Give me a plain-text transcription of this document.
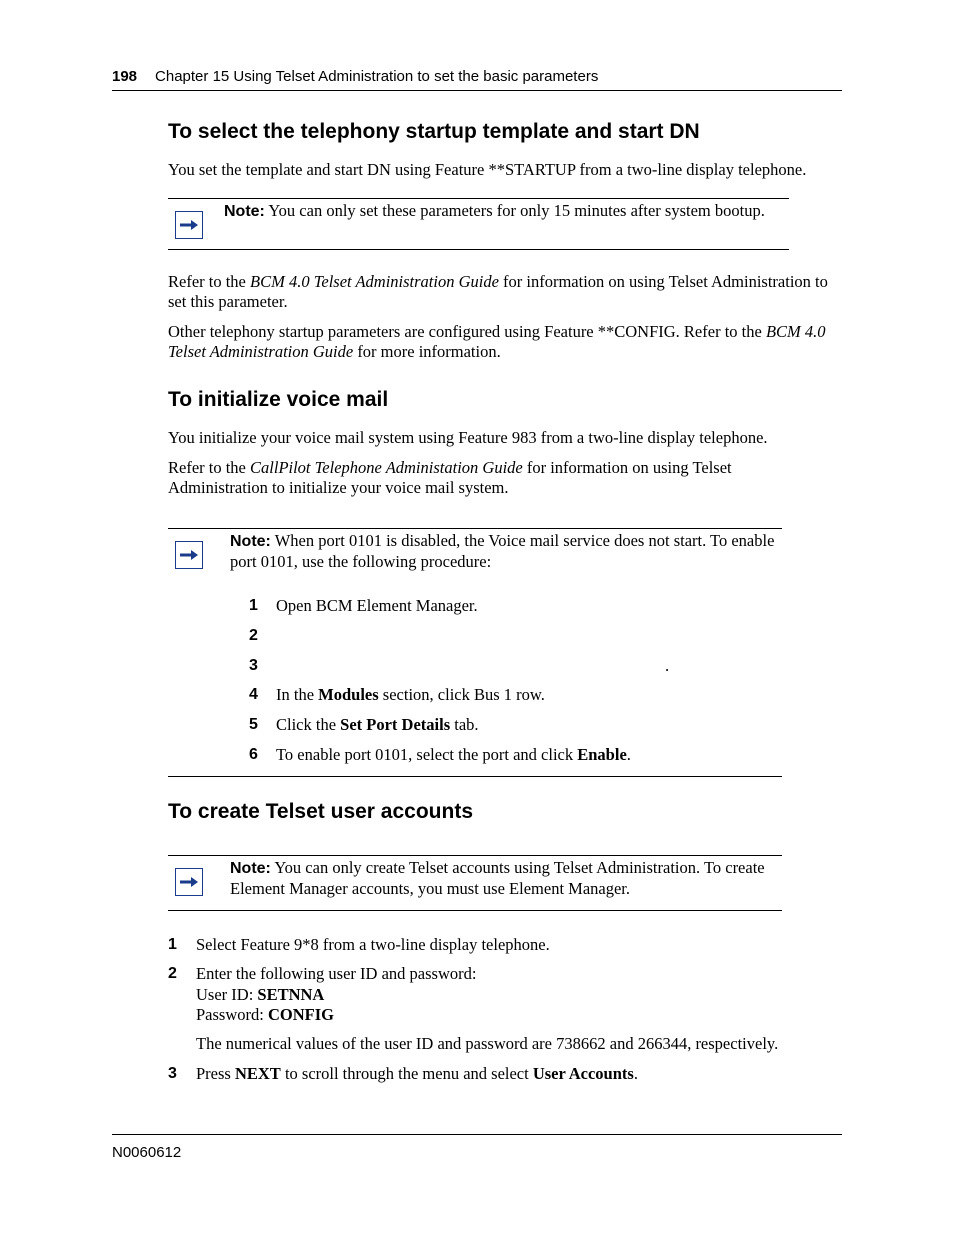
198 Chapter 15 Using Telset Administration to set the basic parameters
To select the telephony startup template and start DN
You set the template and start DN using Feature **STARTUP from a two-line display telephone.
Note: You can only set these parameters for only 15 minutes after system bootup.
Refer to the BCM 4.0 Telset Administration Guide for information on using Telset Administration to set this parameter.
Other telephony startup parameters are configured using Feature **CONFIG. Refer to the BCM 4.0 Telset Administration Guide for more information.
To initialize voice mail
You initialize your voice mail system using Feature 983 from a two-line display telephone.
Refer to the CallPilot Telephone Administation Guide for information on using Telset Administration to initialize your voice mail system.
Note: When port 0101 is disabled, the Voice mail service does not start. To enable port 0101, use the following procedure:
1 Open BCM Element Manager.
2
3	.
4 In the Modules section, click Bus 1 row.
5 Click the Set Port Details tab.
6 To enable port 0101, select the port and click Enable.
To create Telset user accounts
Note: You can only create Telset accounts using Telset Administration. To create Element Manager accounts, you must use Element Manager.
1 Select Feature 9*8 from a two-line display telephone.
2 Enter the following user ID and password:
User ID: SETNNA
Password: CONFIG
The numerical values of the user ID and password are 738662 and 266344, respectively.
3 Press NEXT to scroll through the menu and select User Accounts.
N0060612
